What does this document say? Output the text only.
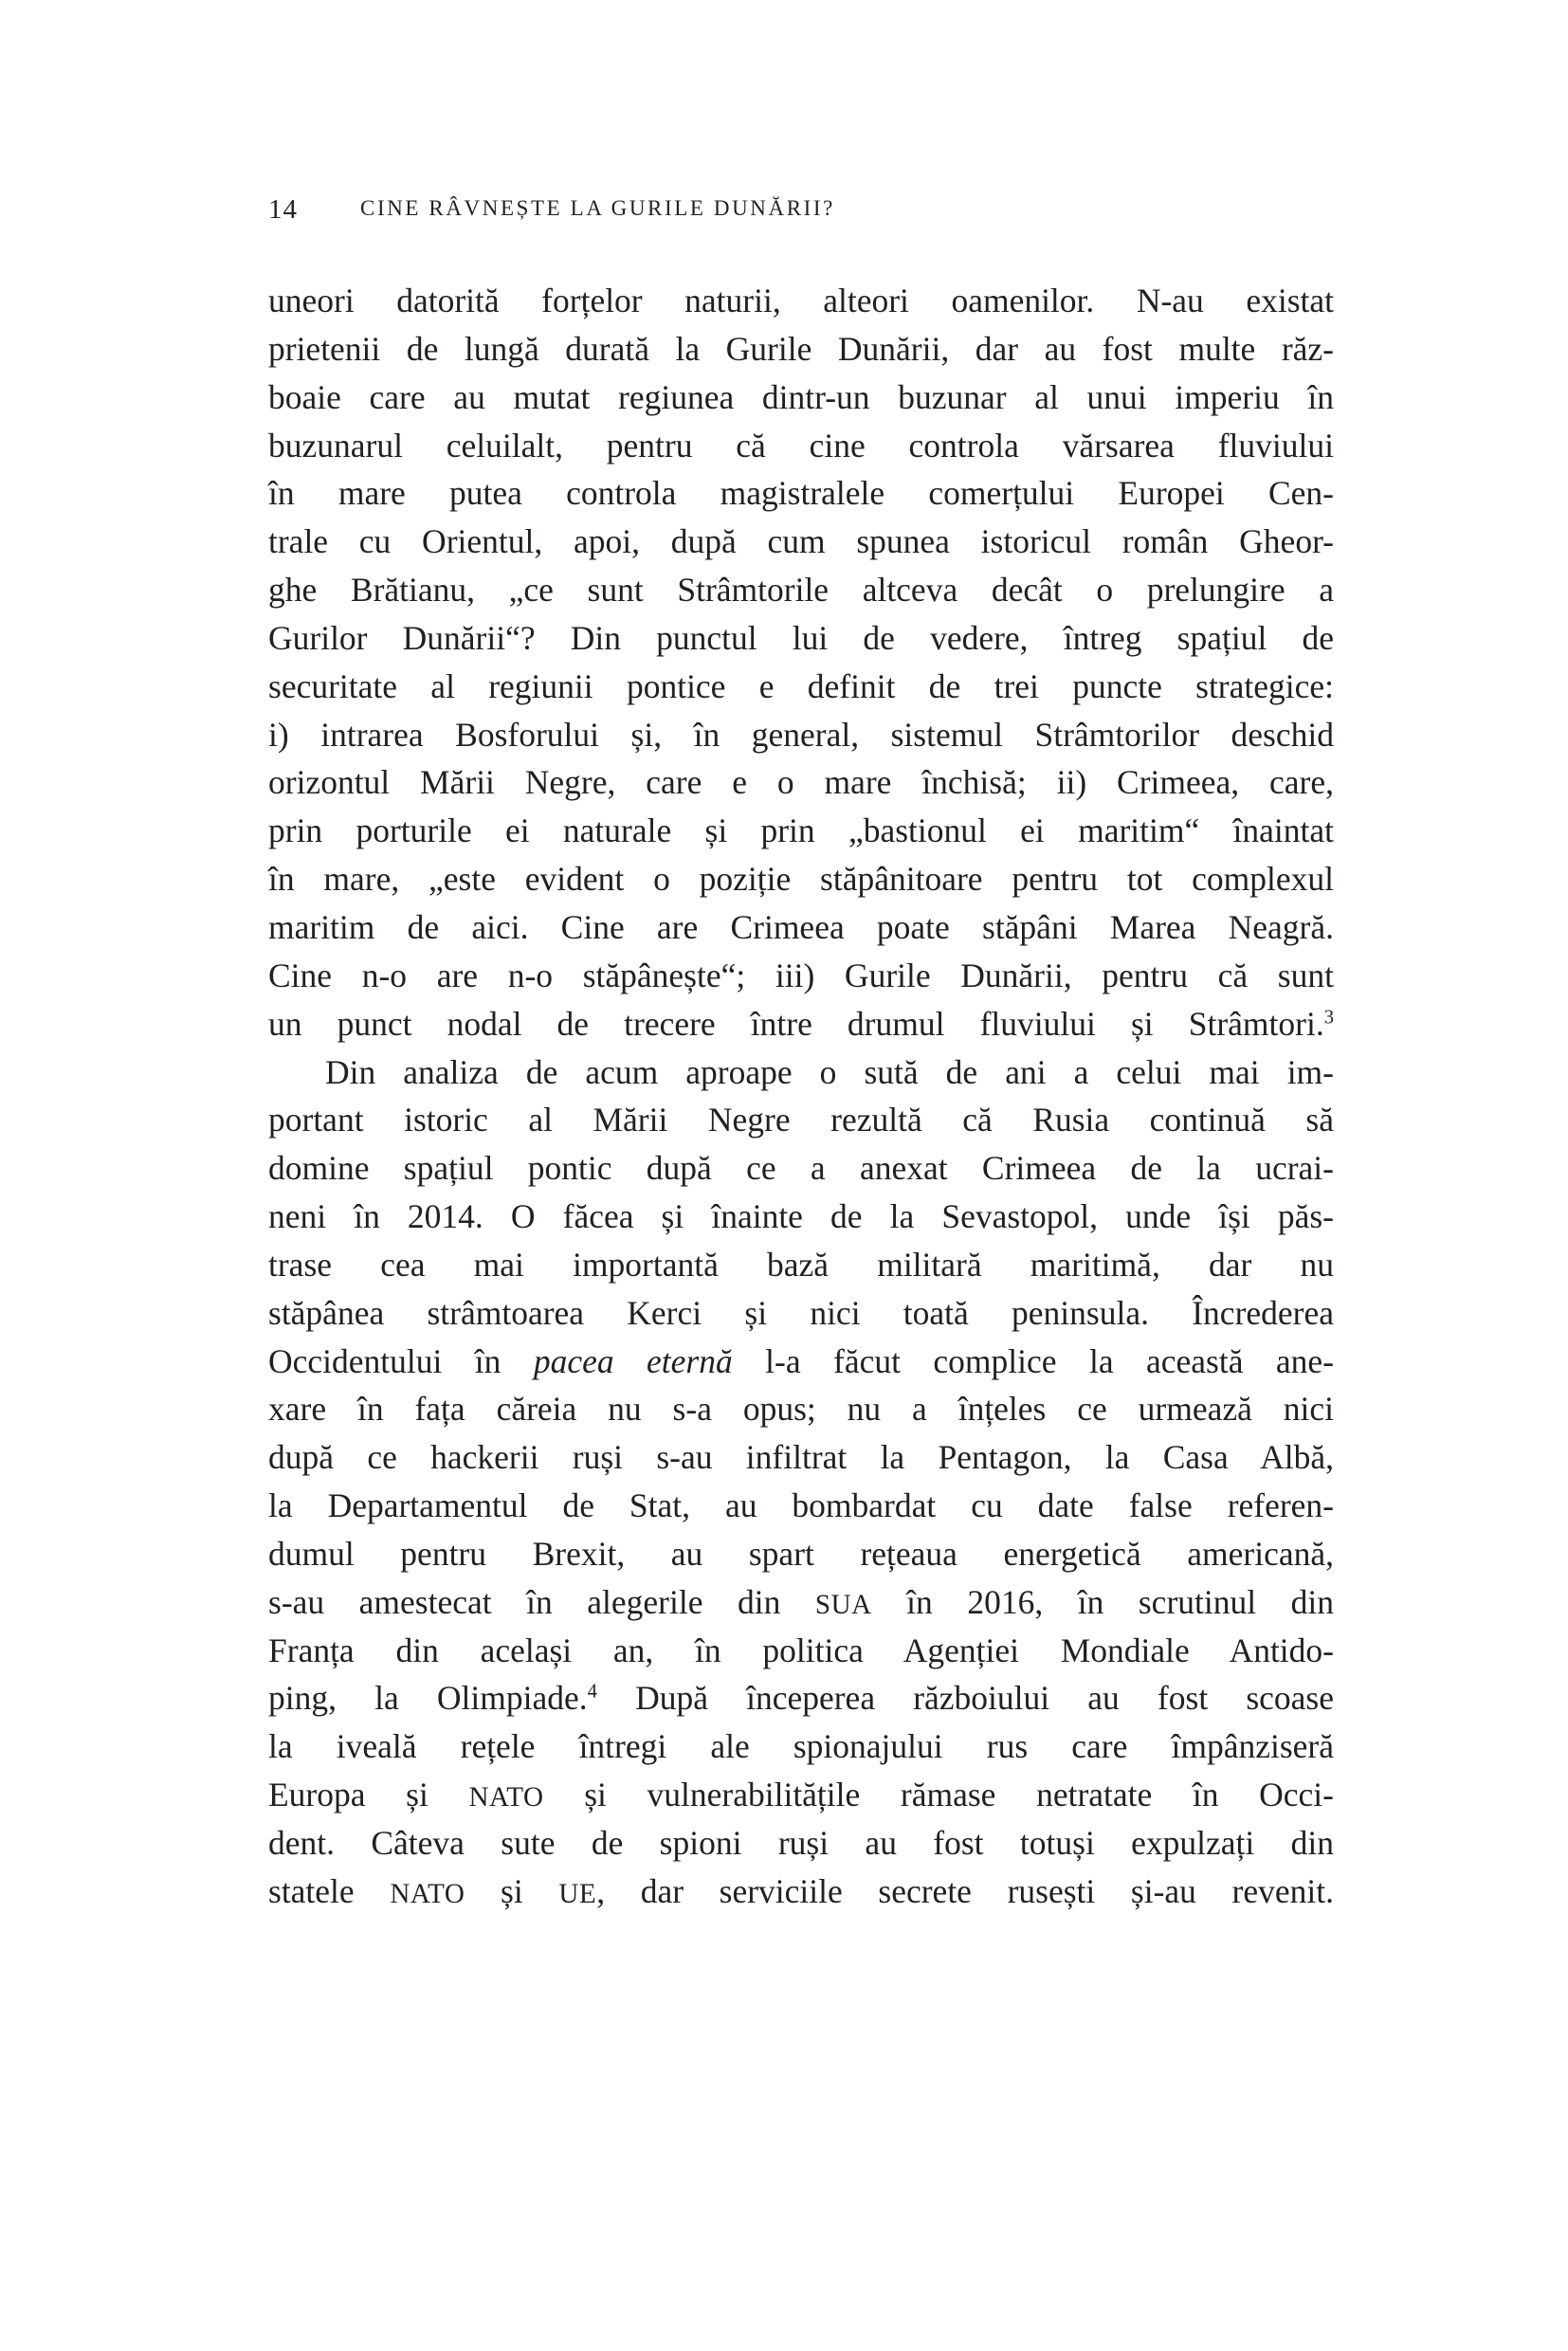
14	CINE RÂVNEȘTE LA GURILE DUNĂRII?
uneori datorită forțelor naturii, alteori oamenilor. N-au existat
prietenii de lungă durată la Gurile Dunării, dar au fost multe răz-
boaie care au mutat regiunea dintr-un buzunar al unui imperiu în
buzunarul celuilalt, pentru că cine controla vărsarea fluviului
în mare putea controla magistralele comerțului Europei Cen-
trale cu Orientul, apoi, după cum spunea istoricul român Gheor-
ghe Brătianu, „ce sunt Strâmtorile altceva decât o prelungire a
Gurilor Dunării“? Din punctul lui de vedere, întreg spațiul de
securitate al regiunii pontice e definit de trei puncte strategice:
i) intrarea Bosforului și, în general, sistemul Strâmtorilor deschid
orizontul Mării Negre, care e o mare închisă; ii) Crimeea, care,
prin porturile ei naturale și prin „bastionul ei maritim“ înaintat
în mare, „este evident o poziție stăpânitoare pentru tot complexul
maritim de aici. Cine are Crimeea poate stăpâni Marea Neagră.
Cine n-o are n-o stăpânește“; iii) Gurile Dunării, pentru că sunt
un punct nodal de trecere între drumul fluviului și Strâmtori.$^3$
Din analiza de acum aproape o sută de ani a celui mai im-
portant istoric al Mării Negre rezultă că Rusia continuă să
domine spațiul pontic după ce a anexat Crimeea de la ucrai-
neni în 2014. O făcea și înainte de la Sevastopol, unde își păs-
trase cea mai importantă bază militară maritimă, dar nu
stăpânea strâmtoarea Kerci și nici toată peninsula. Încrederea
Occidentului în pacea eternă l-a făcut complice la această ane-
xare în fața căreia nu s-a opus; nu a înțeles ce urmează nici
după ce hackerii ruși s-au infiltrat la Pentagon, la Casa Albă,
la Departamentul de Stat, au bombardat cu date false referen-
dumul pentru Brexit, au spart rețeaua energetică americană,
s-au amestecat în alegerile din SUA în 2016, în scrutinul din
Franța din același an, în politica Agenției Mondiale Antido-
ping, la Olimpiade.$^4$ După începerea războiului au fost scoase
la iveală rețele întregi ale spionajului rus care împânziseră
Europa și NATO și vulnerabilitățile rămase netratate în Occi-
dent. Câteva sute de spioni ruși au fost totuși expulzați din
statele NATO și UE, dar serviciile secrete rusești și-au revenit.
